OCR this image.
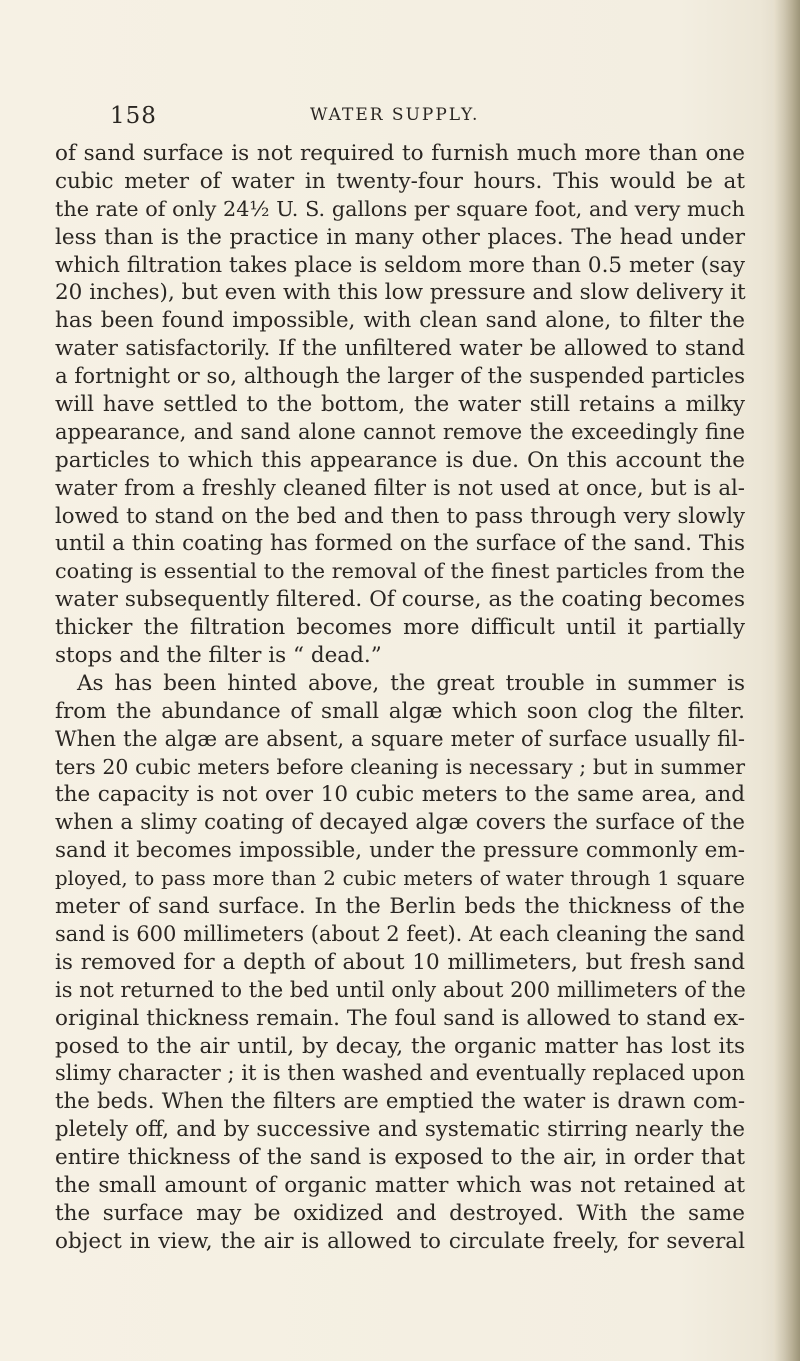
158	WATER SUPPLY.
of sand surface is not required to furnish much more than one
cubic meter of water in twenty-four hours. This would be at
the rate of only 24½ U. S. gallons per square foot, and very much
less than is the practice in many other places. The head under
which filtration takes place is seldom more than 0.5 meter (say
20 inches), but even with this low pressure and slow delivery it
has been found impossible, with clean sand alone, to filter the
water satisfactorily. If the unfiltered water be allowed to stand
a fortnight or so, although the larger of the suspended particles
will have settled to the bottom, the water still retains a milky
appearance, and sand alone cannot remove the exceedingly fine
particles to which this appearance is due. On this account the
water from a freshly cleaned filter is not used at once, but is al-
lowed to stand on the bed and then to pass through very slowly
until a thin coating has formed on the surface of the sand. This
coating is essential to the removal of the finest particles from the
water subsequently filtered. Of course, as the coating becomes
thicker the filtration becomes more difficult until it partially
stops and the filter is “ dead.”
As has been hinted above, the great trouble in summer is
from the abundance of small algæ which soon clog the filter.
When the algæ are absent, a square meter of surface usually fil-
ters 20 cubic meters before cleaning is necessary ; but in summer
the capacity is not over 10 cubic meters to the same area, and
when a slimy coating of decayed algæ covers the surface of the
sand it becomes impossible, under the pressure commonly em-
ployed, to pass more than 2 cubic meters of water through 1 square
meter of sand surface. In the Berlin beds the thickness of the
sand is 600 millimeters (about 2 feet). At each cleaning the sand
is removed for a depth of about 10 millimeters, but fresh sand
is not returned to the bed until only about 200 millimeters of the
original thickness remain. The foul sand is allowed to stand ex-
posed to the air until, by decay, the organic matter has lost its
slimy character ; it is then washed and eventually replaced upon
the beds. When the filters are emptied the water is drawn com-
pletely off, and by successive and systematic stirring nearly the
entire thickness of the sand is exposed to the air, in order that
the small amount of organic matter which was not retained at
the surface may be oxidized and destroyed. With the same
object in view, the air is allowed to circulate freely, for several
